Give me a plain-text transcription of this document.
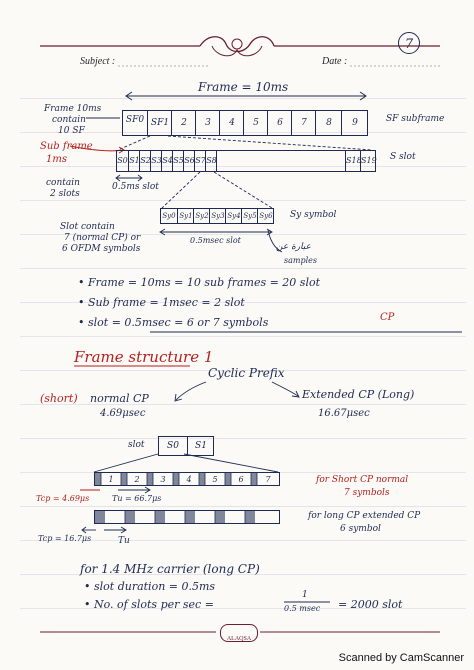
Subject :	Date :
7
Frame = 10ms
Frame 10ms
contain
10 SF
SF0 SF1	2	3	4	5	6	7	8	9	SF subframe
Sub frame
1ms	S0 S1 S2 S3 S4 S5 S6 S7 S8	S18 S19 S slot
contain
2 slots
0.5ms slot
Sy0 Sy1 Sy2 Sy3 Sy4 Sy5 Sy6 Sy symbol
Slot contain
7 (normal CP) or
6 OFDM symbols
0.5msec slot
عبارة عن
samples
• Frame = 10ms = 10 sub frames = 20 slot
• Sub frame = 1msec = 2 slot
• slot = 0.5msec = 6 or 7 symbols	CP
Frame structure 1
Cyclic Prefix
(short) normal CP
4.69μsec
Extended CP (Long)
16.67μsec
slot	S0	S1
1	2	3	4	5	6	7
Tcp = 4.69μs	Tu = 66.7μs
for Short CP normal
7 symbols
Tcp = 16.7μs	Tu
for long CP extended CP
6 symbol
for 1.4 MHz carrier (long CP)
• slot duration = 0.5ms
• No. of slots per sec =
1
0.5 msec = 2000 slot
ALAQSA
Scanned by CamScanner
